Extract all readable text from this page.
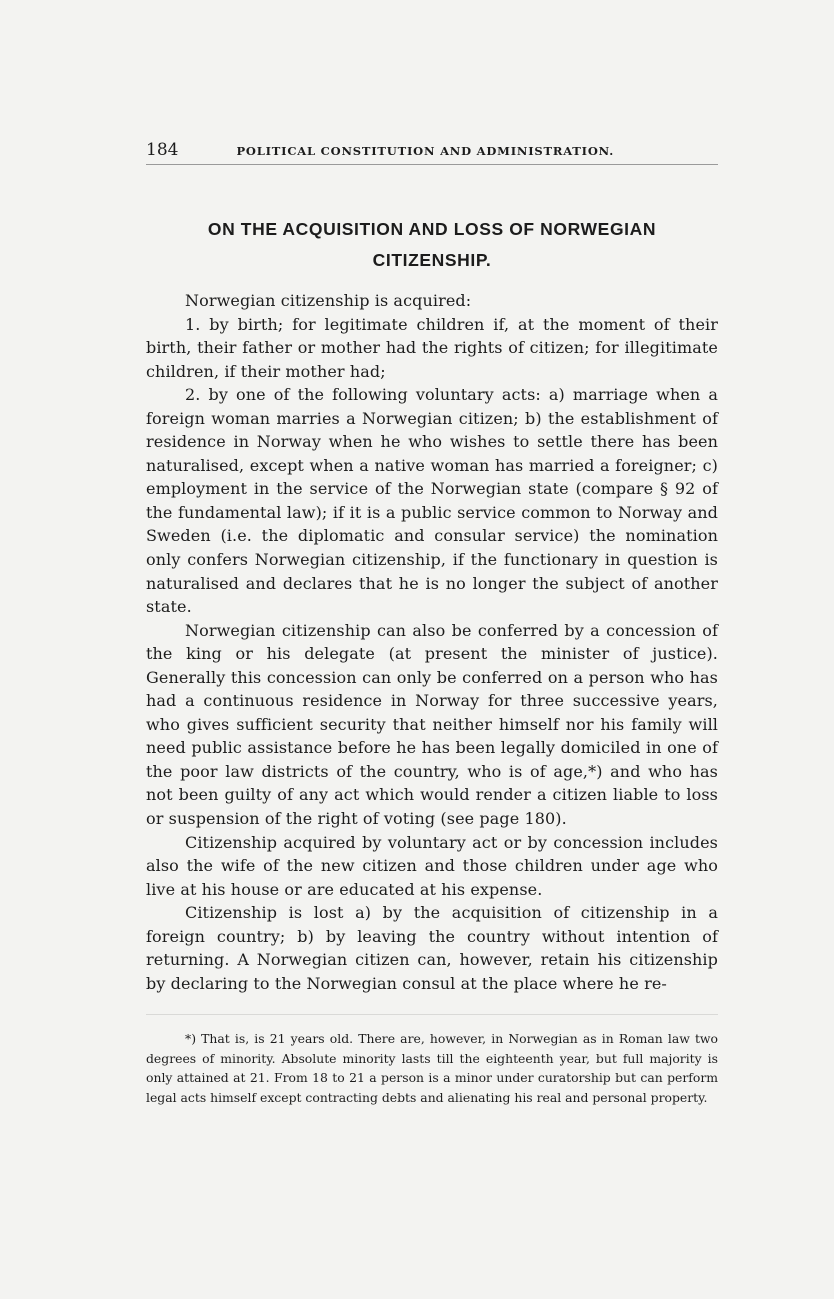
184	POLITICAL CONSTITUTION AND ADMINISTRATION.
ON THE ACQUISITION AND LOSS OF NORWEGIAN
CITIZENSHIP.

Norwegian citizenship is acquired:

1. by birth; for legitimate children if, at the moment of their birth, their father or mother had the rights of citizen; for illegitimate children, if their mother had;

2. by one of the following voluntary acts: a) marriage when a foreign woman marries a Norwegian citizen; b) the establishment of residence in Norway when he who wishes to settle there has been naturalised, except when a native woman has married a foreigner; c) employment in the service of the Norwegian state (compare § 92 of the fundamental law); if it is a public service common to Norway and Sweden (i.e. the diplomatic and consular service) the nomination only confers Norwegian citizenship, if the functionary in question is naturalised and declares that he is no longer the subject of another state.

Norwegian citizenship can also be conferred by a concession of the king or his delegate (at present the minister of justice). Generally this concession can only be conferred on a person who has had a continuous residence in Norway for three successive years, who gives sufficient security that neither himself nor his family will need public assistance before he has been legally domiciled in one of the poor law districts of the country, who is of age,*) and who has not been guilty of any act which would render a citizen liable to loss or suspension of the right of voting (see page 180).

Citizenship acquired by voluntary act or by concession includes also the wife of the new citizen and those children under age who live at his house or are educated at his expense.

Citizenship is lost a) by the acquisition of citizenship in a foreign country; b) by leaving the country without intention of returning. A Norwegian citizen can, however, retain his citizenship by declaring to the Norwegian consul at the place where he re-

*) That is, is 21 years old. There are, however, in Norwegian as in Roman law two degrees of minority. Absolute minority lasts till the eighteenth year, but full majority is only attained at 21. From 18 to 21 a person is a minor under curatorship but can perform legal acts himself except contracting debts and alienating his real and personal property.
